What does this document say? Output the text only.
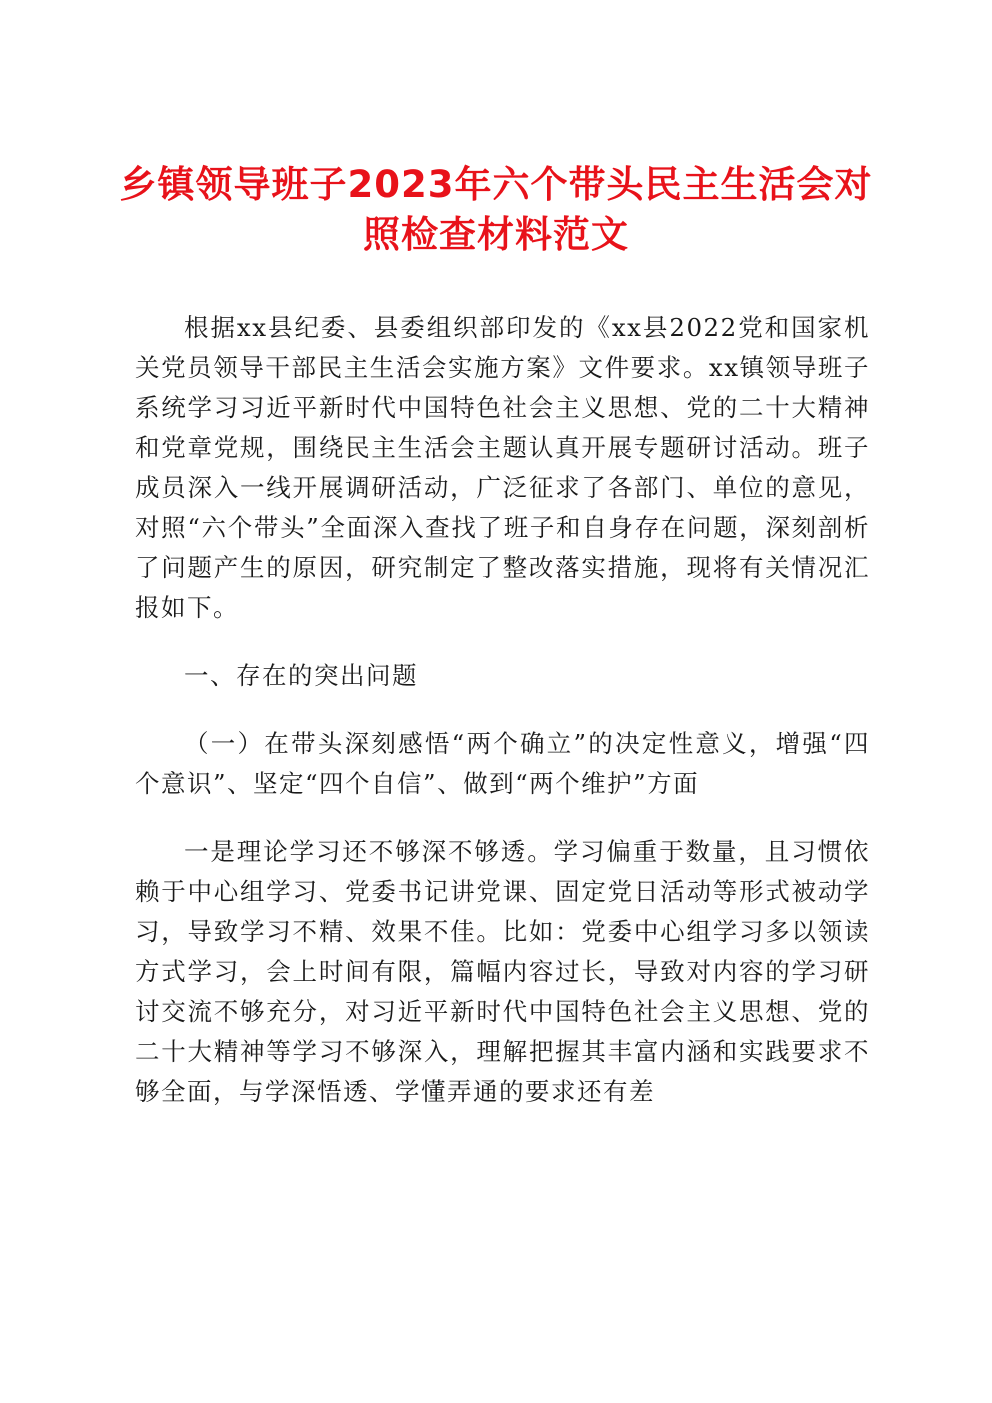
乡镇领导班子2023年六个带头民主生活会对
照检查材料范文

根据xx县纪委、县委组织部印发的《xx县2022党和国家机关党员领导干部民主生活会实施方案》文件要求。xx镇领导班子系统学习习近平新时代中国特色社会主义思想、党的二十大精神和党章党规，围绕民主生活会主题认真开展专题研讨活动。班子成员深入一线开展调研活动，广泛征求了各部门、单位的意见，对照“六个带头”全面深入查找了班子和自身存在问题，深刻剖析了问题产生的原因，研究制定了整改落实措施，现将有关情况汇报如下。

一、存在的突出问题

（一）在带头深刻感悟“两个确立”的决定性意义，增强“四个意识”、坚定“四个自信”、做到“两个维护”方面

一是理论学习还不够深不够透。学习偏重于数量，且习惯依赖于中心组学习、党委书记讲党课、固定党日活动等形式被动学习，导致学习不精、效果不佳。比如：党委中心组学习多以领读方式学习，会上时间有限，篇幅内容过长，导致对内容的学习研讨交流不够充分，对习近平新时代中国特色社会主义思想、党的二十大精神等学习不够深入，理解把握其丰富内涵和实践要求不够全面，与学深悟透、学懂弄通的要求还有差
